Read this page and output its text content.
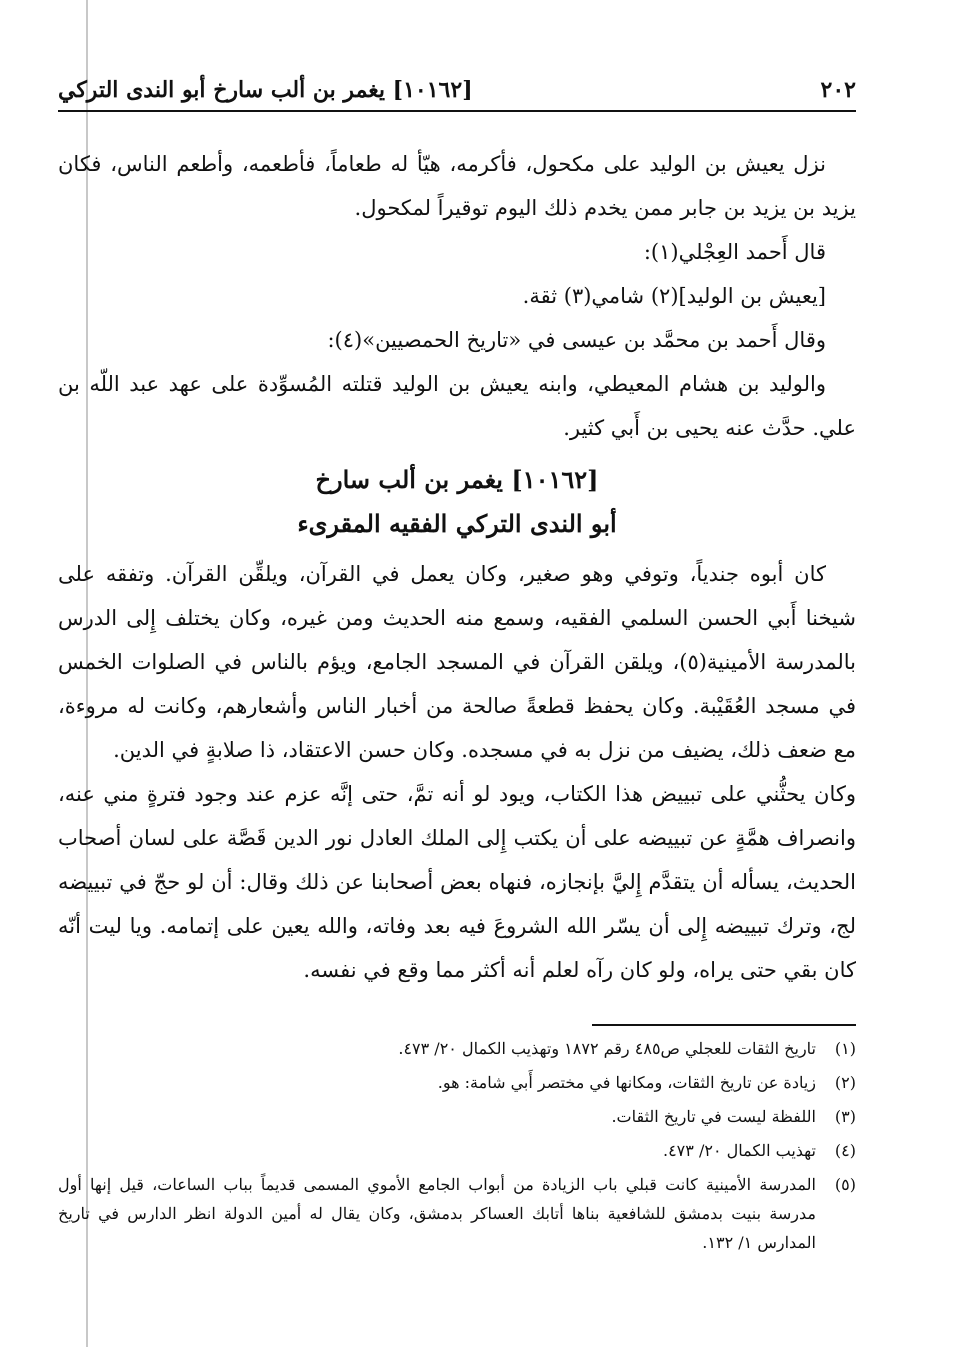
٢٠٢
[١٠١٦٢] يغمر بن ألب سارخ أبو الندى التركي

نزل يعيش بن الوليد على مكحول، فأكرمه، هيّأ له طعاماً، فأطعمه، وأطعم الناس، فكان يزيد بن يزيد بن جابر ممن يخدم ذلك اليوم توقيراً لمكحول.

قال أَحمد العِجْلي(١):

[يعيش بن الوليد](٢) شامي(٣) ثقة.

وقال أَحمد بن محمَّد بن عيسى في «تاريخ الحمصيين»(٤):

والوليد بن هشام المعيطي، وابنه يعيش بن الوليد قتلته المُسوِّدة على عهد عبد اللّه بن علي. حدَّث عنه يحيى بن أَبي كثير.

[١٠١٦٢] يغمر بن ألب سارخ

أبو الندى التركي الفقيه المقرىء

كان أبوه جندياً، وتوفي وهو صغير، وكان يعمل في القرآن، ويلقِّن القرآن. وتفقه على شيخنا أَبي الحسن السلمي الفقيه، وسمع منه الحديث ومن غيره، وكان يختلف إِلى الدرس بالمدرسة الأمينية(٥)، ويلقن القرآن في المسجد الجامع، ويؤم بالناس في الصلوات الخمس في مسجد العُقَيْبة. وكان يحفظ قطعةً صالحة من أخبار الناس وأشعارهم، وكانت له مروءة، مع ضعف ذلك، يضيف من نزل به في مسجده. وكان حسن الاعتقاد، ذا صلابةٍ في الدين.

وكان يحثُّني على تبييض هذا الكتاب، ويود لو أنه تمَّ، حتى إنَّه عزم عند وجود فترةٍ مني عنه، وانصراف همَّةٍ عن تبييضه على أن يكتب إِلى الملك العادل نور الدين قَصَّة على لسان أصحاب الحديث، يسأله أن يتقدَّم إِليَّ بإنجازه، فنهاه بعض أصحابنا عن ذلك وقال: أن لو حجّ في تبييضه لج، وترك تبييضه إِلى أن يسّر الله الشروعَ فيه بعد وفاته، والله يعين على إتمامه. ويا ليت أنّه كان بقي حتى يراه، ولو كان رآه لعلم أنه أكثر مما وقع في نفسه.

(١)
تاريخ الثقات للعجلي ص٤٨٥ رقم ١٨٧٢ وتهذيب الكمال ٢٠/ ٤٧٣.
(٢)
زيادة عن تاريخ الثقات، ومكانها في مختصر أَبي شامة: هو.
(٣)
اللفظة ليست في تاريخ الثقات.
(٤)
تهذيب الكمال ٢٠/ ٤٧٣.
(٥)
المدرسة الأمينية كانت قبلي باب الزيادة من أبواب الجامع الأموي المسمى قديماً بباب الساعات، قيل إنها أول مدرسة بنيت بدمشق للشافعية بناها أتابك العساكر بدمشق، وكان يقال له أمين الدولة انظر الدارس في تاريخ المدارس ١/ ١٣٢.
